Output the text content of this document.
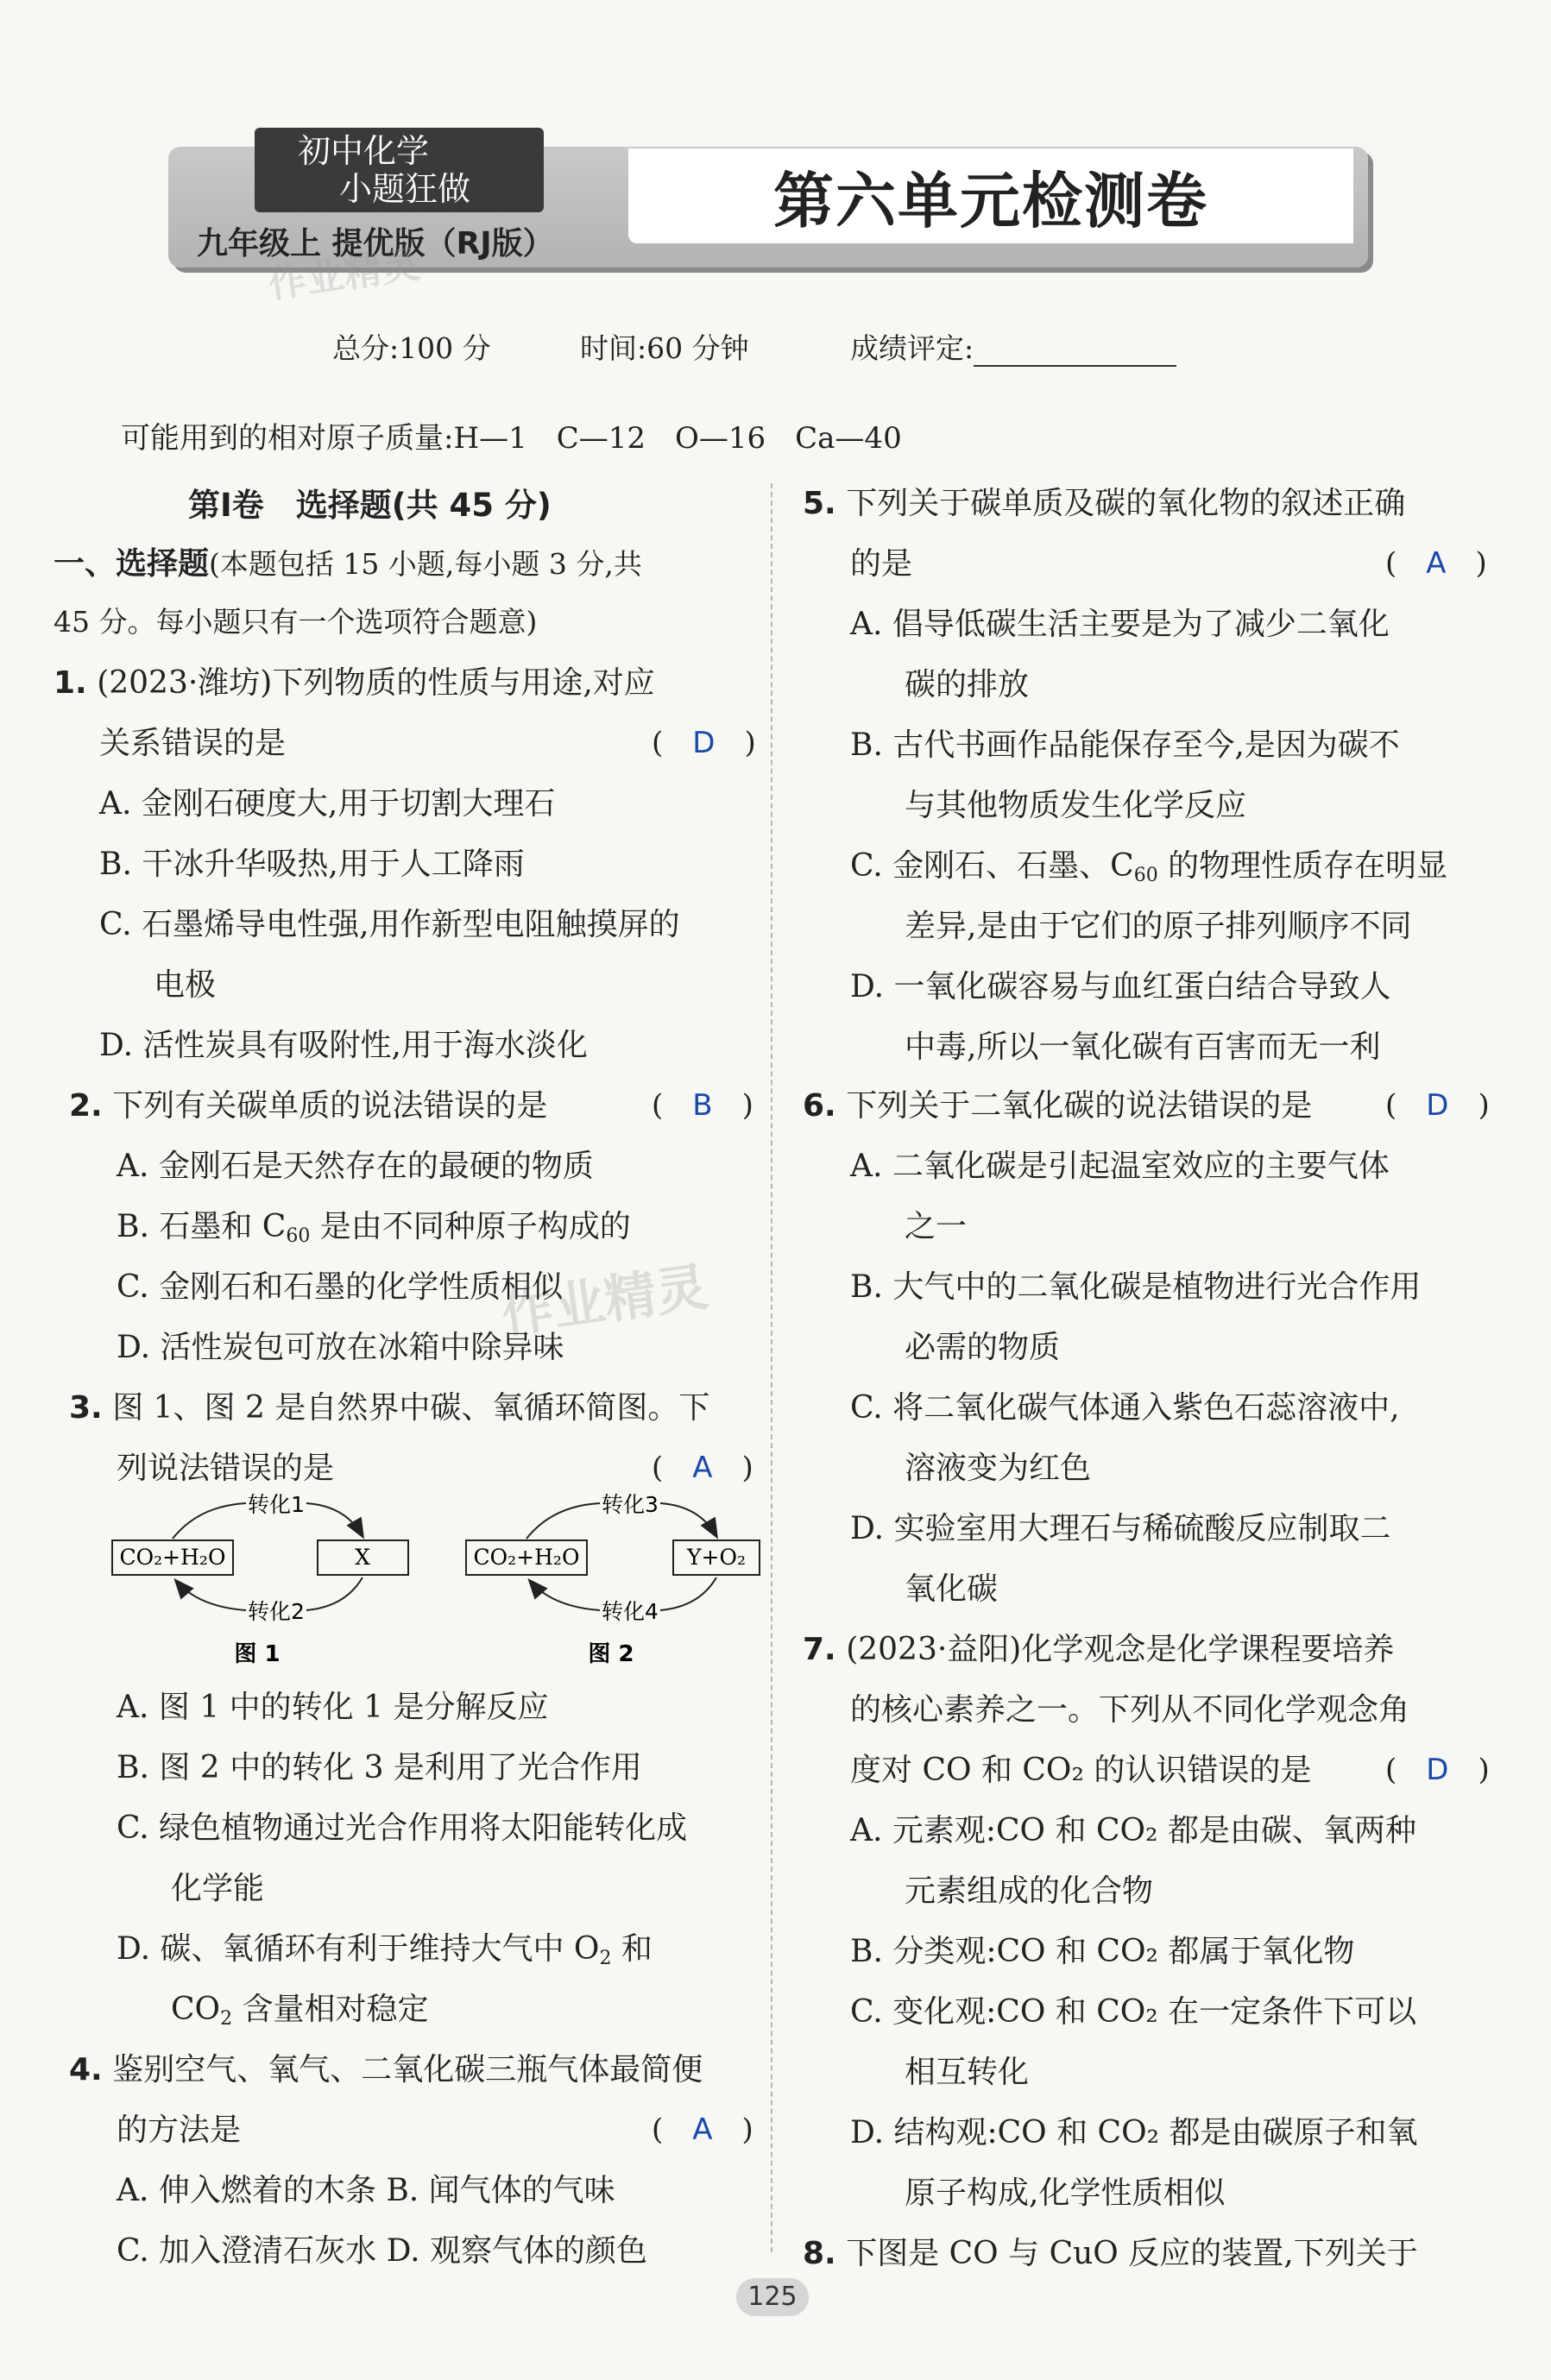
初中化学
小题狂做
九年级上 提优版（RJ版）
第六单元检测卷
作业精灵
作业精灵
总分:100 分	时间:60 分钟	成绩评定:
可能用到的相对原子质量:H—1　C—12　O—16　Ca—40
第Ⅰ卷　选择题(共 45 分)
一、选择题(本题包括 15 小题,每小题 3 分,共
45 分。每小题只有一个选项符合题意)
1. (2023·潍坊)下列物质的性质与用途,对应
关系错误的是	(　D　)
A. 金刚石硬度大,用于切割大理石
B. 干冰升华吸热,用于人工降雨
C. 石墨烯导电性强,用作新型电阻触摸屏的
电极
D. 活性炭具有吸附性,用于海水淡化
2. 下列有关碳单质的说法错误的是	(　B　)
A. 金刚石是天然存在的最硬的物质
B. 石墨和 $C_{60}$ 是由不同种原子构成的
C. 金刚石和石墨的化学性质相似
D. 活性炭包可放在冰箱中除异味
3. 图 1、图 2 是自然界中碳、氧循环简图。下
列说法错误的是	(　A　)
CO₂+H₂O	X
转化1
转化2
图 1
CO₂+H₂O	Y+O₂
转化3
转化4
图 2
A. 图 1 中的转化 1 是分解反应
B. 图 2 中的转化 3 是利用了光合作用
C. 绿色植物通过光合作用将太阳能转化成
化学能
D. 碳、氧循环有利于维持大气中 $O_2$ 和
$CO_2$ 含量相对稳定
4. 鉴别空气、氧气、二氧化碳三瓶气体最简便
的方法是	(　A　)
A. 伸入燃着的木条 B. 闻气体的气味
C. 加入澄清石灰水 D. 观察气体的颜色
5. 下列关于碳单质及碳的氧化物的叙述正确
的是	(　A　)
A. 倡导低碳生活主要是为了减少二氧化
碳的排放
B. 古代书画作品能保存至今,是因为碳不
与其他物质发生化学反应
C. 金刚石、石墨、$C_{60}$ 的物理性质存在明显
差异,是由于它们的原子排列顺序不同
D. 一氧化碳容易与血红蛋白结合导致人
中毒,所以一氧化碳有百害而无一利
6. 下列关于二氧化碳的说法错误的是 (　D　)
A. 二氧化碳是引起温室效应的主要气体
之一
B. 大气中的二氧化碳是植物进行光合作用
必需的物质
C. 将二氧化碳气体通入紫色石蕊溶液中,
溶液变为红色
D. 实验室用大理石与稀硫酸反应制取二
氧化碳
7. (2023·益阳)化学观念是化学课程要培养
的核心素养之一。下列从不同化学观念角
度对 CO 和 CO₂ 的认识错误的是	(　D　)
A. 元素观:CO 和 CO₂ 都是由碳、氧两种
元素组成的化合物
B. 分类观:CO 和 CO₂ 都属于氧化物
C. 变化观:CO 和 CO₂ 在一定条件下可以
相互转化
D. 结构观:CO 和 CO₂ 都是由碳原子和氧
原子构成,化学性质相似
8. 下图是 CO 与 CuO 反应的装置,下列关于
125
